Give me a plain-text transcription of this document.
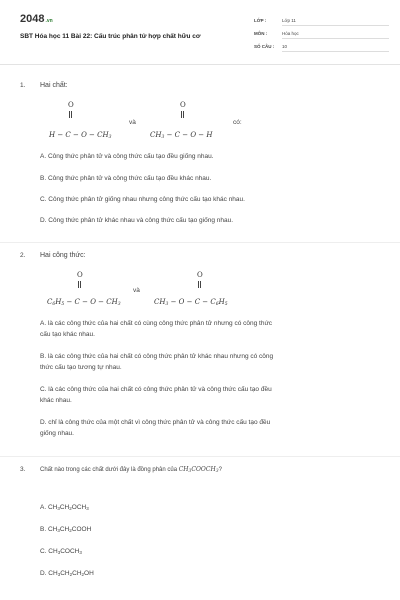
2048.vn
SBT Hóa học 11 Bài 22: Cấu trúc phân tử hợp chất hữu cơ
LỚP :	Lớp 11
MÔN :	Hóa học
SỐ CÂU : 10
1. Hai chất:
O
$H - C - O - CH_3$
và
O
$CH_3 - C - O - H$
có:
A. Công thức phân tử và công thức cấu tạo đều giống nhau.
B. Công thức phân tử và công thức cấu tạo đều khác nhau.
C. Công thức phân tử giống nhau nhưng công thức cấu tạo khác nhau.
D. Công thức phân tử khác nhau và công thức cấu tạo giống nhau.
2. Hai công thức:
O
$C_6H_5 - C - O - CH_3$
và
O
$CH_3 - O - C - C_6H_5$
A. là các công thức của hai chất có cùng công thức phân tử nhưng có công thức
cấu tạo khác nhau.
B. là các công thức của hai chất có công thức phân tử khác nhau nhưng có công
thức cấu tạo tương tự nhau.
C. là các công thức của hai chất có công thức phân tử và công thức cấu tạo đều
khác nhau.
D. chỉ là công thức của một chất vì công thức phân tử và công thức cấu tạo đều
giống nhau.
3. Chất nào trong các chất dưới đây là đồng phân của $CH_3COOCH_3$?
A. $CH_3CH_2OCH_3$
B. $CH_3CH_2COOH$
C. $CH_3COCH_3$
D. $CH_3CH_2CH_2OH$
